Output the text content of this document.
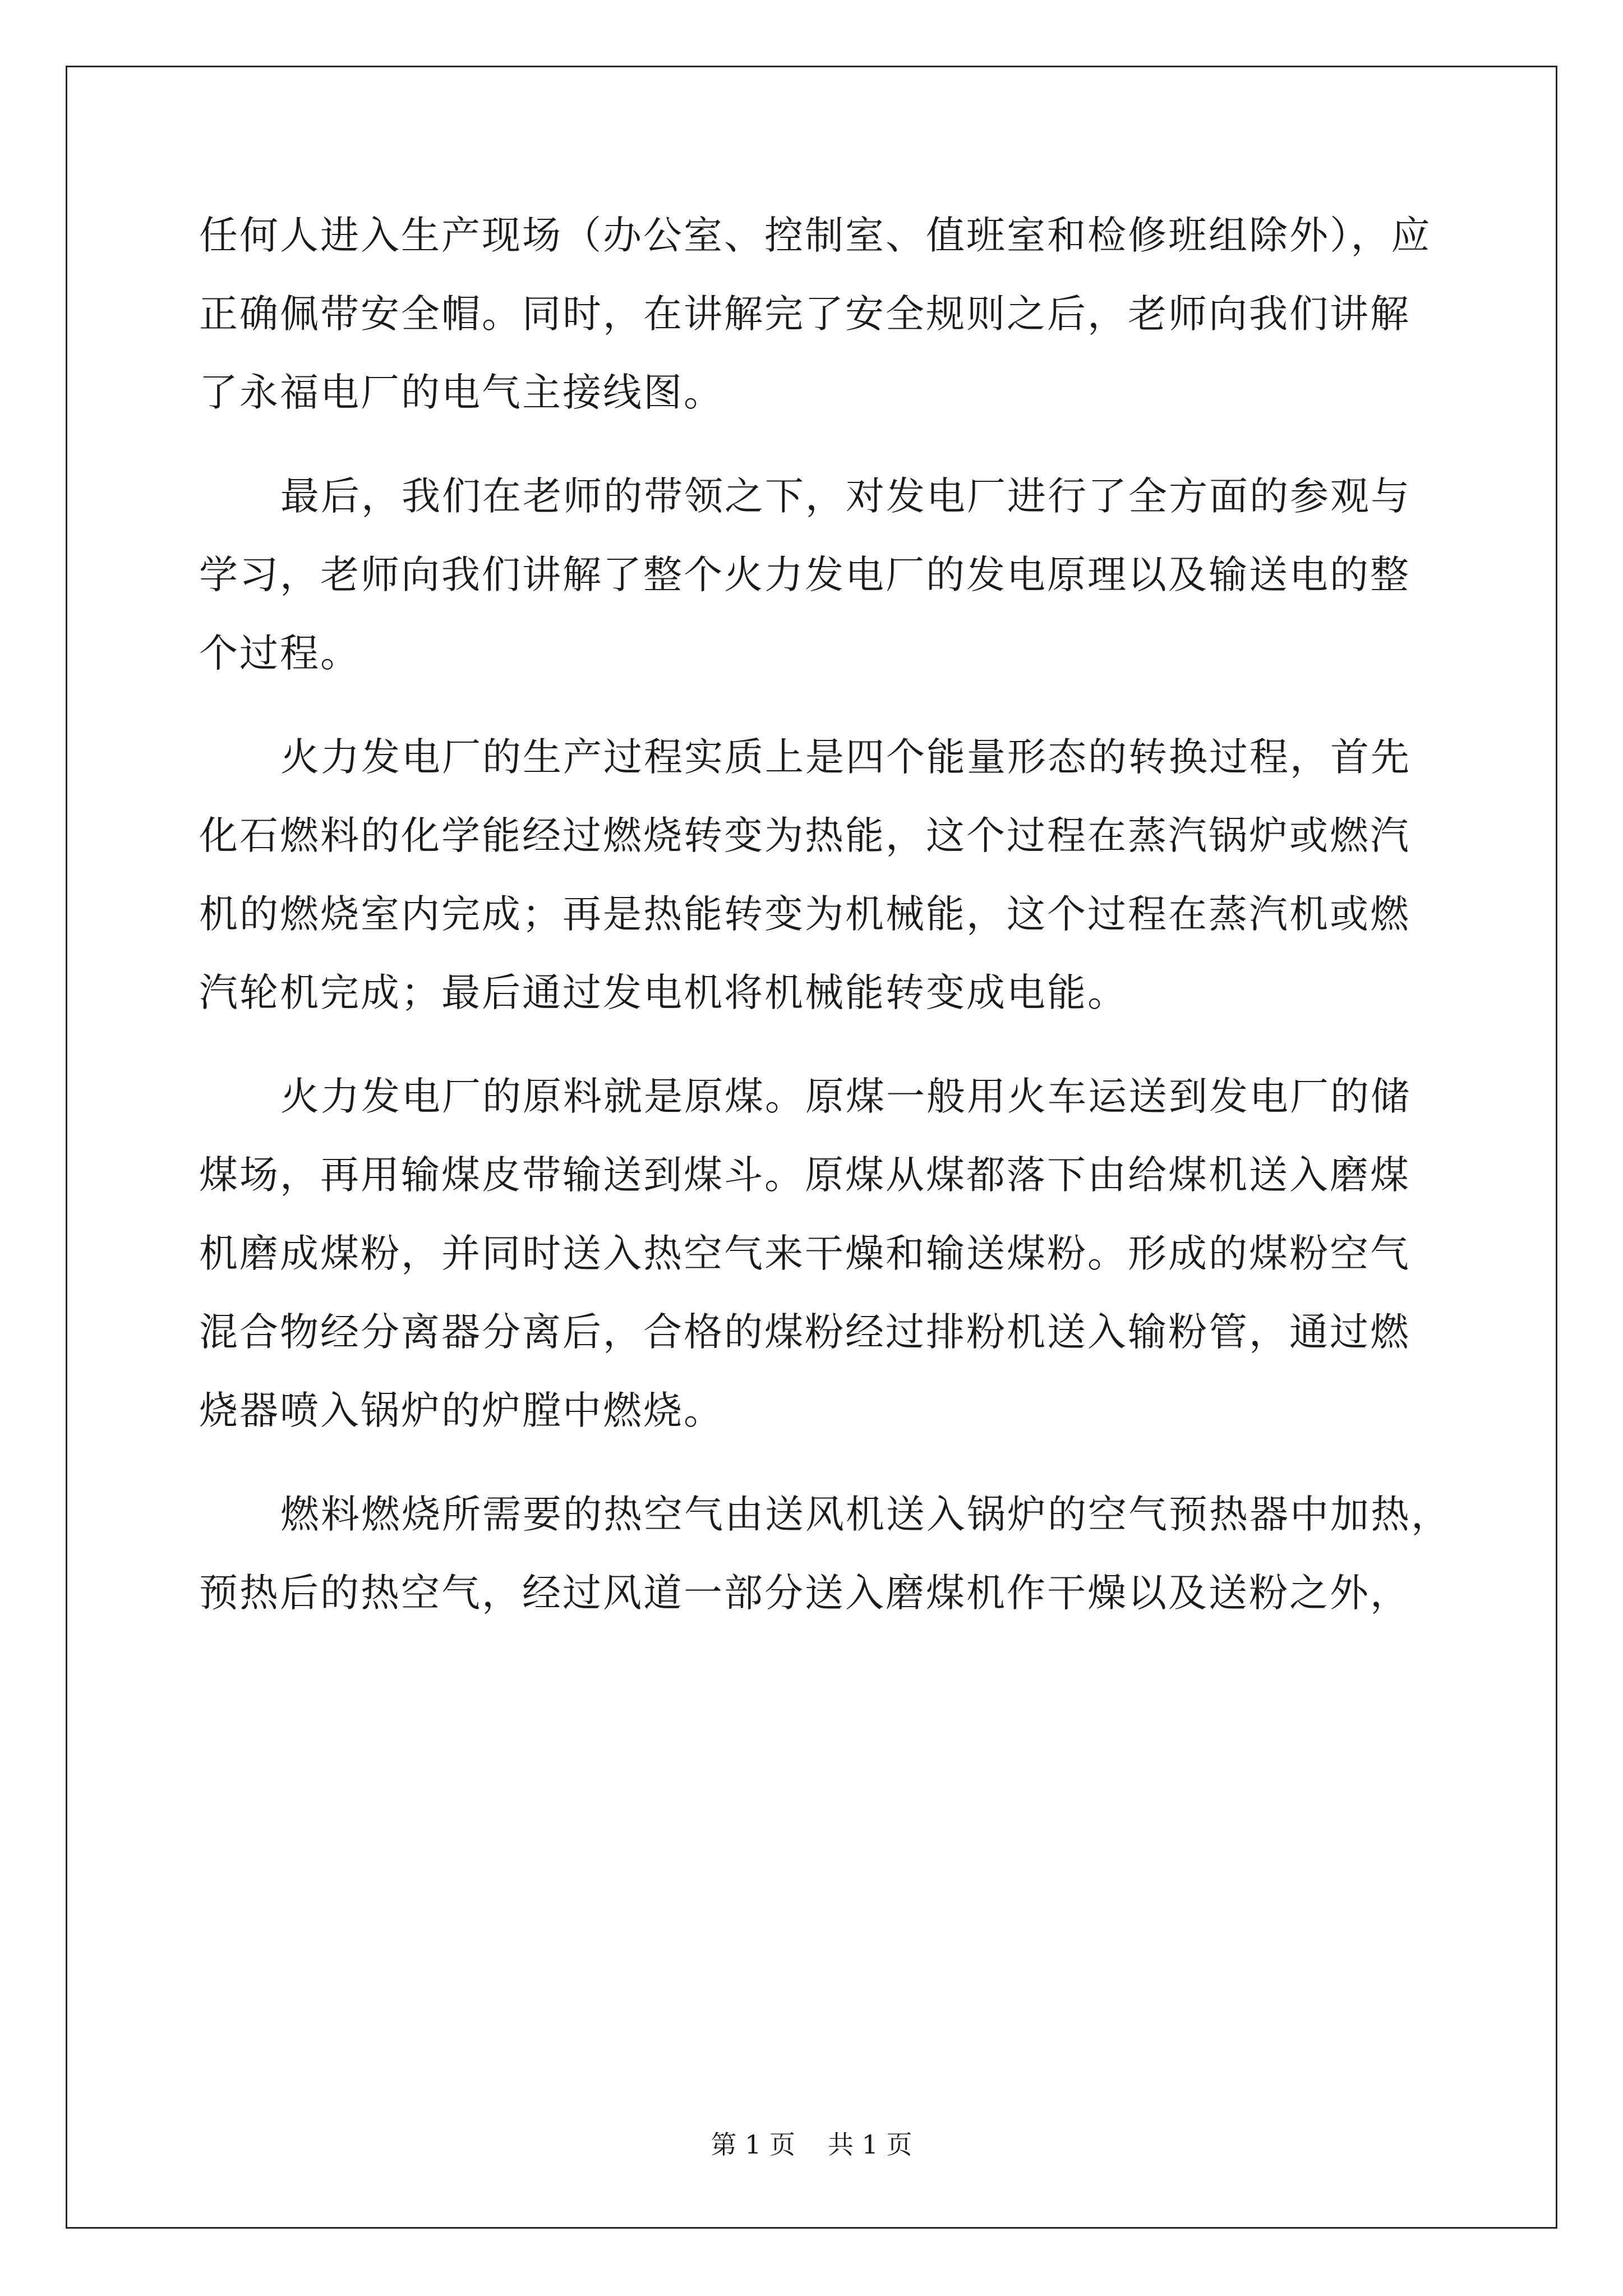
任何人进入生产现场（办公室、控制室、值班室和检修班组除外），应
正确佩带安全帽。同时，在讲解完了安全规则之后，老师向我们讲解
了永福电厂的电气主接线图。
最后，我们在老师的带领之下，对发电厂进行了全方面的参观与
学习，老师向我们讲解了整个火力发电厂的发电原理以及输送电的整
个过程。
火力发电厂的生产过程实质上是四个能量形态的转换过程，首先
化石燃料的化学能经过燃烧转变为热能，这个过程在蒸汽锅炉或燃汽
机的燃烧室内完成；再是热能转变为机械能，这个过程在蒸汽机或燃
汽轮机完成；最后通过发电机将机械能转变成电能。
火力发电厂的原料就是原煤。原煤一般用火车运送到发电厂的储
煤场，再用输煤皮带输送到煤斗。原煤从煤都落下由给煤机送入磨煤
机磨成煤粉，并同时送入热空气来干燥和输送煤粉。形成的煤粉空气
混合物经分离器分离后，合格的煤粉经过排粉机送入输粉管，通过燃
烧器喷入锅炉的炉膛中燃烧。
燃料燃烧所需要的热空气由送风机送入锅炉的空气预热器中加热，
预热后的热空气，经过风道一部分送入磨煤机作干燥以及送粉之外，
第 1 页 共 1 页
